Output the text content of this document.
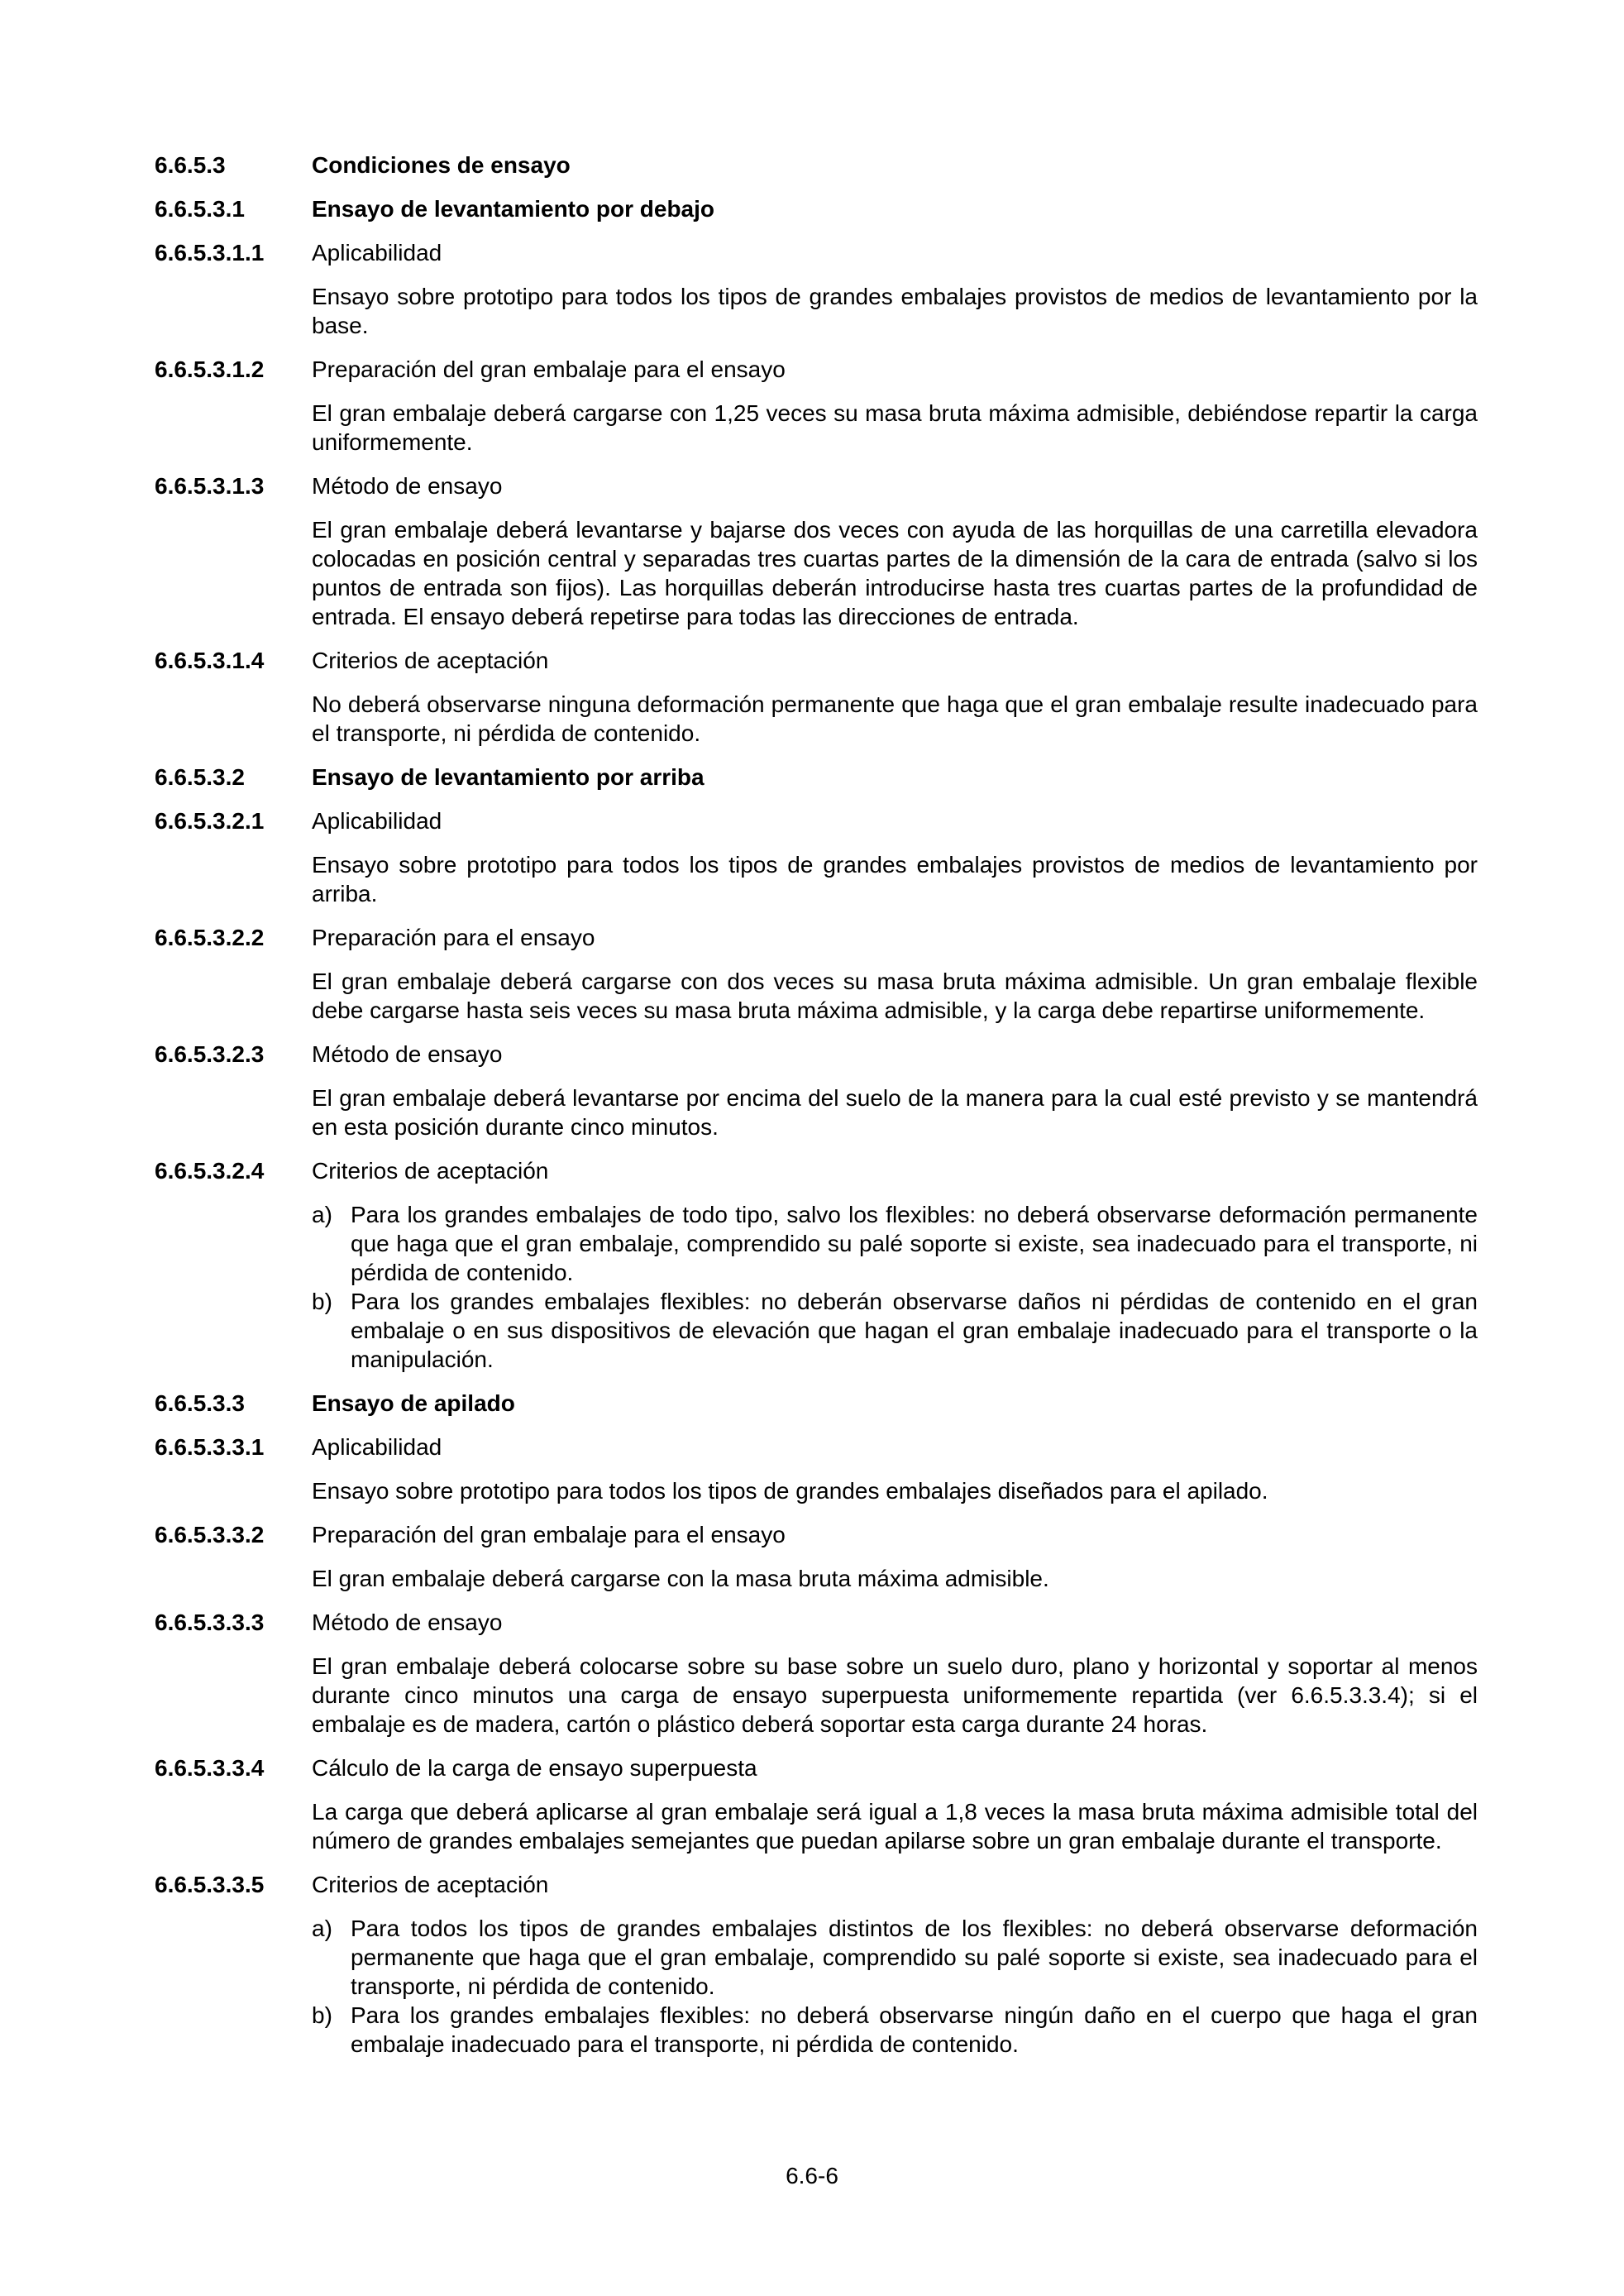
6.6.5.3	Condiciones de ensayo
6.6.5.3.1	Ensayo de levantamiento por debajo
6.6.5.3.1.1	Aplicabilidad
Ensayo sobre prototipo para todos los tipos de grandes embalajes provistos de medios de levantamiento por la base.
6.6.5.3.1.2	Preparación del gran embalaje para el ensayo
El gran embalaje deberá cargarse con 1,25 veces su masa bruta máxima admisible, debiéndose repartir la carga uniformemente.
6.6.5.3.1.3	Método de ensayo
El gran embalaje deberá levantarse y bajarse dos veces con ayuda de las horquillas de una carretilla elevadora colocadas en posición central y separadas tres cuartas partes de la dimensión de la cara de entrada (salvo si los puntos de entrada son fijos). Las horquillas deberán introducirse hasta tres cuartas partes de la profundidad de entrada. El ensayo deberá repetirse para todas las direcciones de entrada.
6.6.5.3.1.4	Criterios de aceptación
No deberá observarse ninguna deformación permanente que haga que el gran embalaje resulte inadecuado para el transporte, ni pérdida de contenido.
6.6.5.3.2	Ensayo de levantamiento por arriba
6.6.5.3.2.1	Aplicabilidad
Ensayo sobre prototipo para todos los tipos de grandes embalajes provistos de medios de levantamiento por arriba.
6.6.5.3.2.2	Preparación para el ensayo
El gran embalaje deberá cargarse con dos veces su masa bruta máxima admisible. Un gran embalaje flexible debe cargarse hasta seis veces su masa bruta máxima admisible, y la carga debe repartirse uniformemente.
6.6.5.3.2.3	Método de ensayo
El gran embalaje deberá levantarse por encima del suelo de la manera para la cual esté previsto y se mantendrá en esta posición durante cinco minutos.
6.6.5.3.2.4	Criterios de aceptación
a) Para los grandes embalajes de todo tipo, salvo los flexibles: no deberá observarse deformación permanente que haga que el gran embalaje, comprendido su palé soporte si existe, sea inadecuado para el transporte, ni pérdida de contenido.
b) Para los grandes embalajes flexibles: no deberán observarse daños ni pérdidas de contenido en el gran embalaje o en sus dispositivos de elevación que hagan el gran embalaje inadecuado para el transporte o la manipulación.
6.6.5.3.3	Ensayo de apilado
6.6.5.3.3.1	Aplicabilidad
Ensayo sobre prototipo para todos los tipos de grandes embalajes diseñados para el apilado.
6.6.5.3.3.2	Preparación del gran embalaje para el ensayo
El gran embalaje deberá cargarse con la masa bruta máxima admisible.
6.6.5.3.3.3	Método de ensayo
El gran embalaje deberá colocarse sobre su base sobre un suelo duro, plano y horizontal y soportar al menos durante cinco minutos una carga de ensayo superpuesta uniformemente repartida (ver 6.6.5.3.3.4); si el embalaje es de madera, cartón o plástico deberá soportar esta carga durante 24 horas.
6.6.5.3.3.4	Cálculo de la carga de ensayo superpuesta
La carga que deberá aplicarse al gran embalaje será igual a 1,8 veces la masa bruta máxima admisible total del número de grandes embalajes semejantes que puedan apilarse sobre un gran embalaje durante el transporte.
6.6.5.3.3.5	Criterios de aceptación
a) Para todos los tipos de grandes embalajes distintos de los flexibles: no deberá observarse deformación permanente que haga que el gran embalaje, comprendido su palé soporte si existe, sea inadecuado para el transporte, ni pérdida de contenido.
b) Para los grandes embalajes flexibles: no deberá observarse ningún daño en el cuerpo que haga el gran embalaje inadecuado para el transporte, ni pérdida de contenido.
6.6-6
